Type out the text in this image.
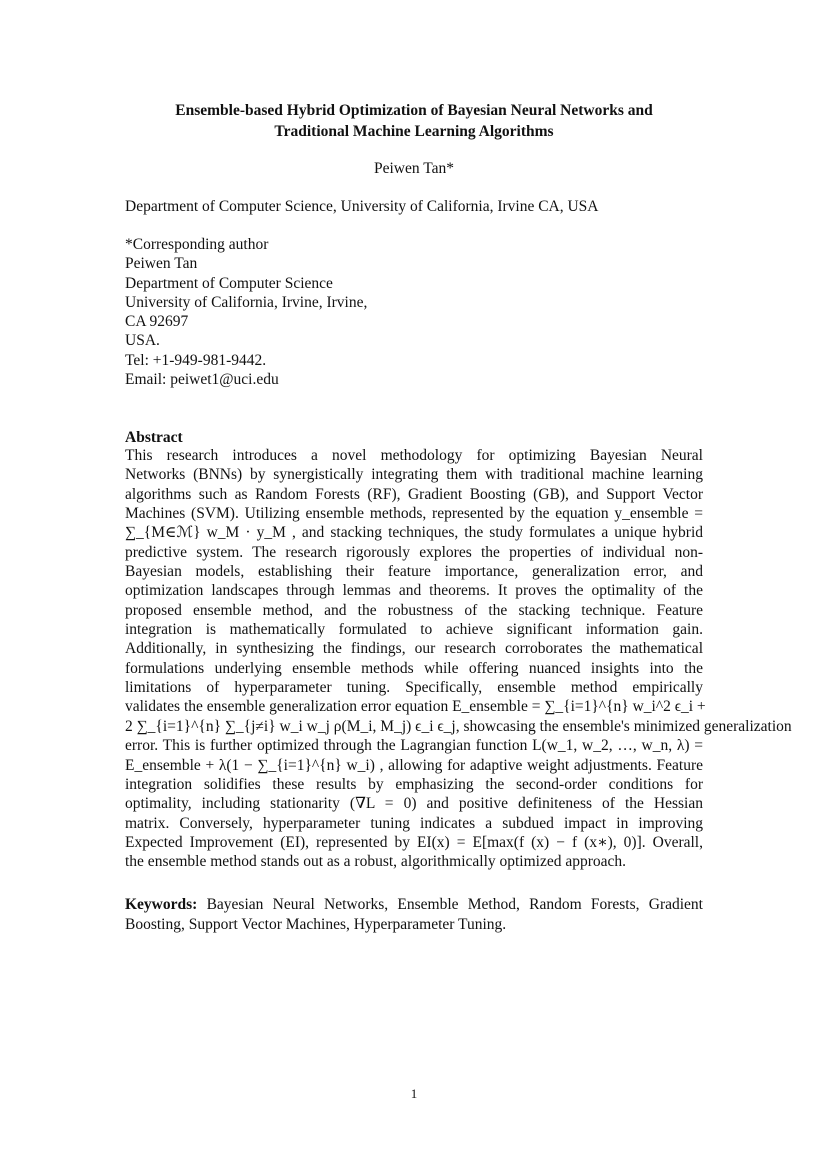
Ensemble-based Hybrid Optimization of Bayesian Neural Networks and
Traditional Machine Learning Algorithms
Peiwen Tan*
Department of Computer Science, University of California, Irvine CA, USA
*Corresponding author
Peiwen Tan
Department of Computer Science
University of California, Irvine, Irvine,
CA 92697
USA.
Tel: +1-949-981-9442.
Email: peiwet1@uci.edu
Abstract
This research introduces a novel methodology for optimizing Bayesian Neural
Networks (BNNs) by synergistically integrating them with traditional machine learning
algorithms such as Random Forests (RF), Gradient Boosting (GB), and Support Vector
Machines (SVM). Utilizing ensemble methods, represented by the equation y_ensemble =
∑_{M∈ℳ} w_M · y_M , and stacking techniques, the study formulates a unique hybrid
predictive system. The research rigorously explores the properties of individual non-
Bayesian models, establishing their feature importance, generalization error, and
optimization landscapes through lemmas and theorems. It proves the optimality of the
proposed ensemble method, and the robustness of the stacking technique. Feature
integration is mathematically formulated to achieve significant information gain.
Additionally, in synthesizing the findings, our research corroborates the mathematical
formulations underlying ensemble methods while offering nuanced insights into the
limitations of hyperparameter tuning. Specifically, ensemble method empirically
validates the ensemble generalization error equation E_ensemble = ∑_{i=1}^{n} w_i^2 ϵ_i +
2 ∑_{i=1}^{n} ∑_{j≠i} w_i w_j ρ(M_i, M_j) ϵ_i ϵ_j, showcasing the ensemble's minimized generalization
error. This is further optimized through the Lagrangian function L(w_1, w_2, …, w_n, λ) =
E_ensemble + λ(1 − ∑_{i=1}^{n} w_i) , allowing for adaptive weight adjustments. Feature
integration solidifies these results by emphasizing the second-order conditions for
optimality, including stationarity (∇L = 0) and positive definiteness of the Hessian
matrix. Conversely, hyperparameter tuning indicates a subdued impact in improving
Expected Improvement (EI), represented by EI(x) = E[max(f (x) − f (x∗), 0)]. Overall,
the ensemble method stands out as a robust, algorithmically optimized approach.
Keywords: Bayesian Neural Networks, Ensemble Method, Random Forests, Gradient
Boosting, Support Vector Machines, Hyperparameter Tuning.
1
